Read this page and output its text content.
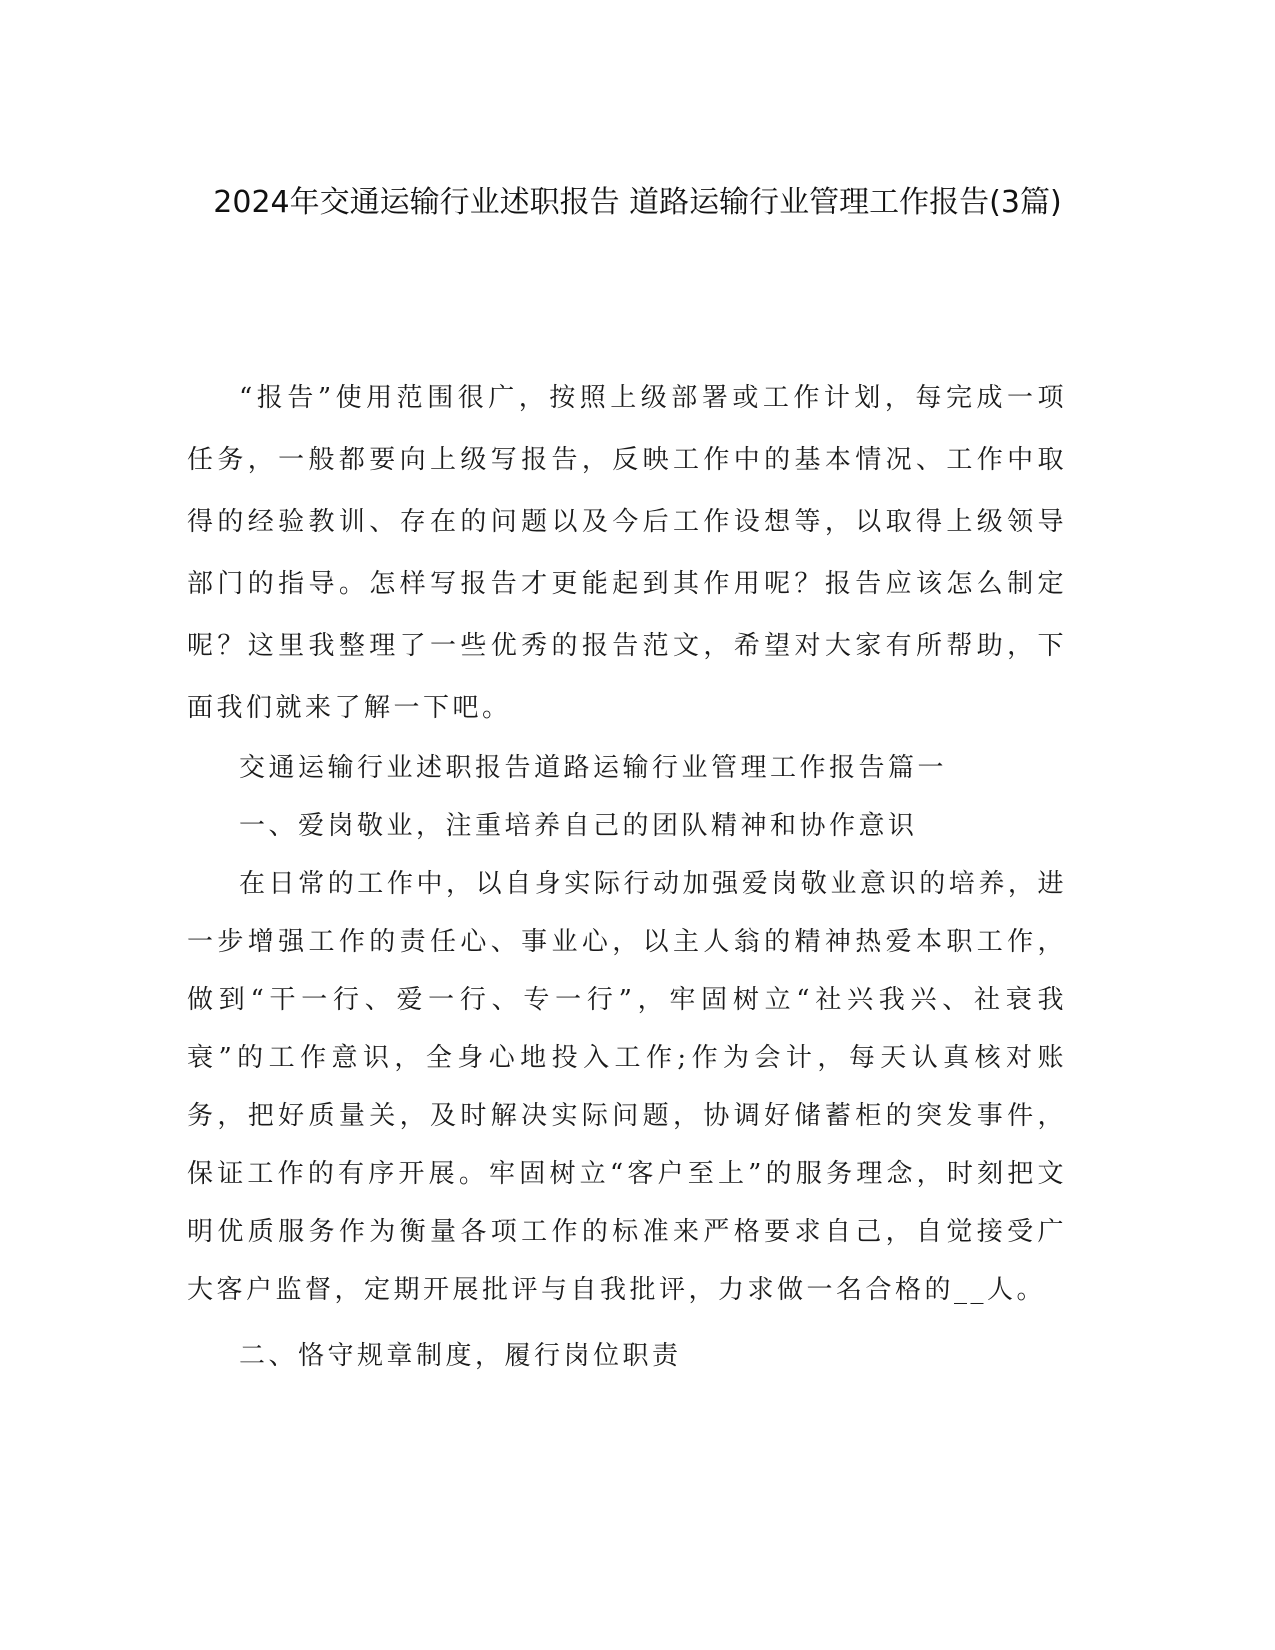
2024年交通运输行业述职报告 道路运输行业管理工作报告(3篇)

“报告”使用范围很广，按照上级部署或工作计划，每完成一项任务，一般都要向上级写报告，反映工作中的基本情况、工作中取得的经验教训、存在的问题以及今后工作设想等，以取得上级领导部门的指导。怎样写报告才更能起到其作用呢？报告应该怎么制定呢？这里我整理了一些优秀的报告范文，希望对大家有所帮助，下面我们就来了解一下吧。

交通运输行业述职报告道路运输行业管理工作报告篇一

一、爱岗敬业，注重培养自己的团队精神和协作意识

在日常的工作中，以自身实际行动加强爱岗敬业意识的培养，进一步增强工作的责任心、事业心，以主人翁的精神热爱本职工作，做到“干一行、爱一行、专一行”，牢固树立“社兴我兴、社衰我衰”的工作意识，全身心地投入工作;作为会计，每天认真核对账务，把好质量关，及时解决实际问题，协调好储蓄柜的突发事件，保证工作的有序开展。牢固树立“客户至上”的服务理念，时刻把文明优质服务作为衡量各项工作的标准来严格要求自己，自觉接受广大客户监督，定期开展批评与自我批评，力求做一名合格的__人。

二、恪守规章制度，履行岗位职责
